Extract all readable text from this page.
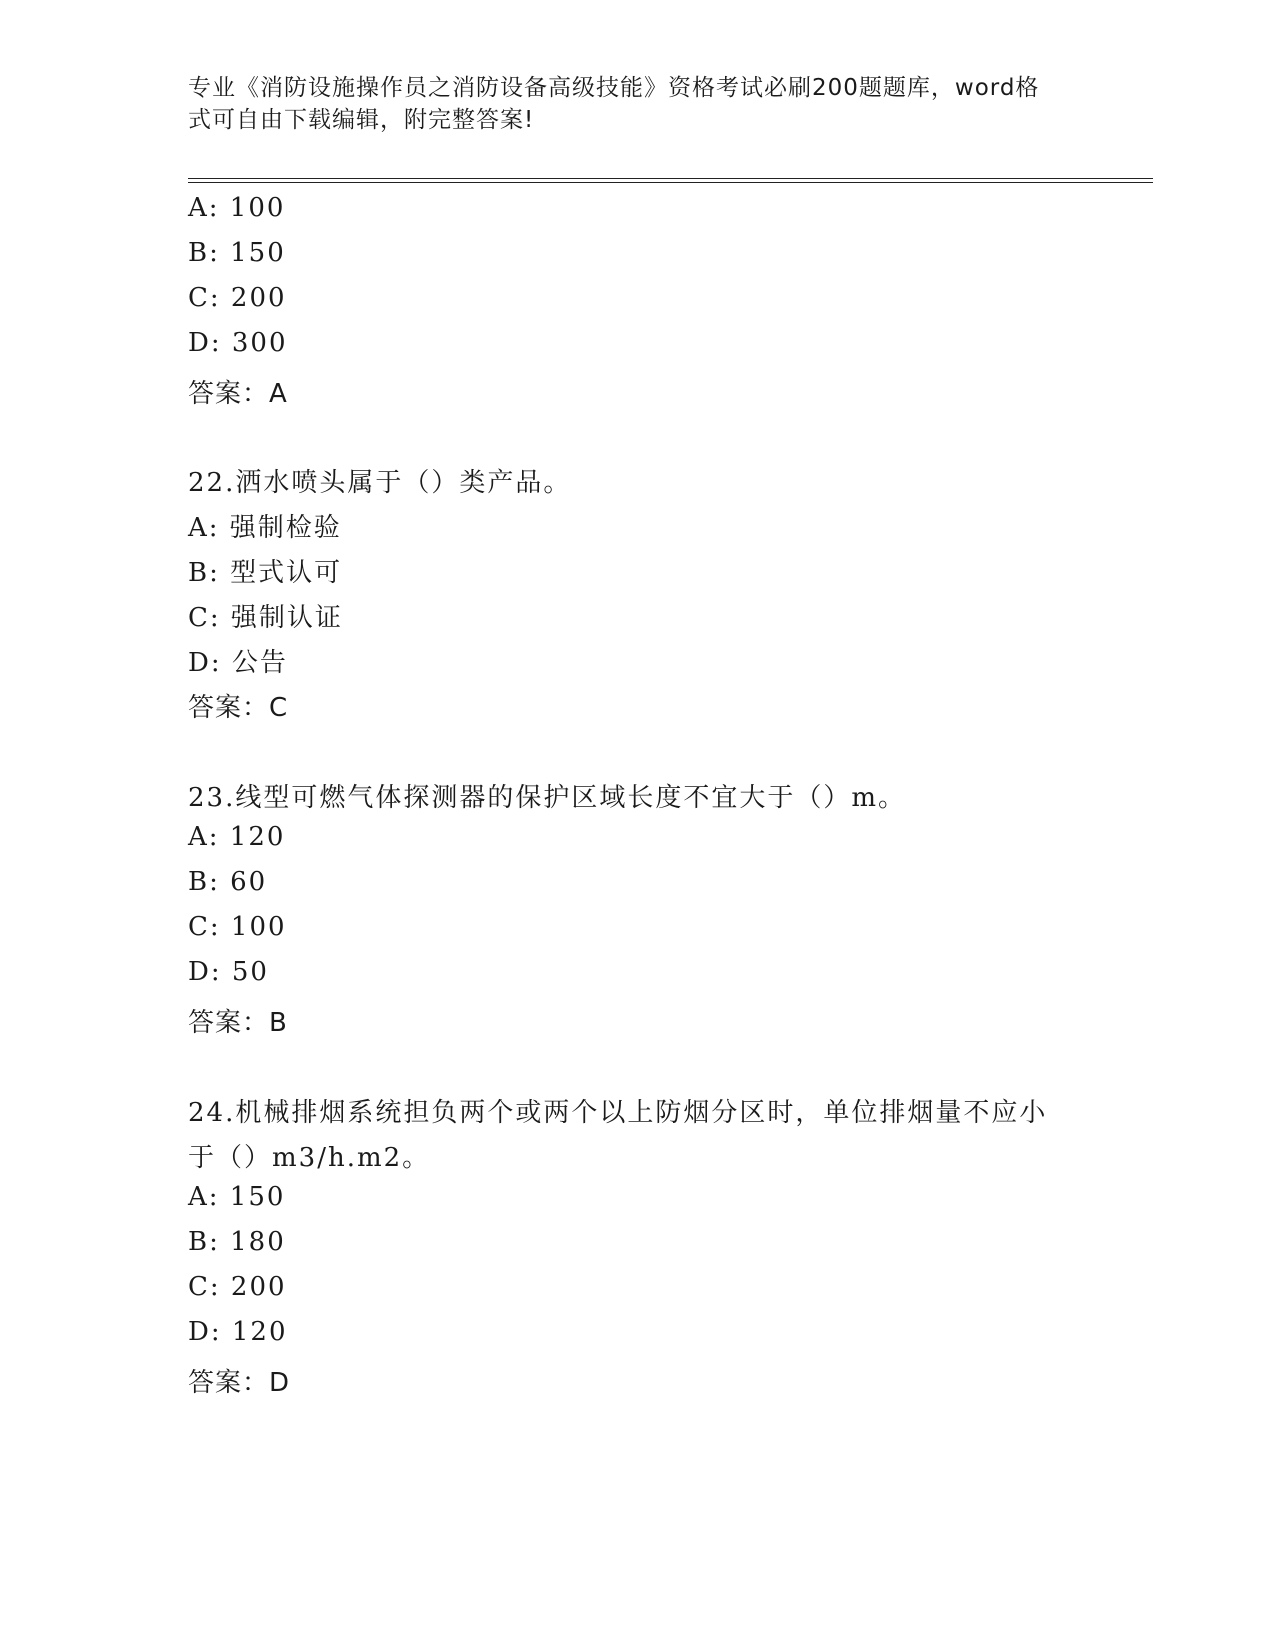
专业《消防设施操作员之消防设备高级技能》资格考试必刷200题题库，word格
式可自由下载编辑，附完整答案!
A: 100
B: 150
C: 200
D: 300
答案：A
22.洒水喷头属于（）类产品。
A: 强制检验
B: 型式认可
C: 强制认证
D: 公告
答案：C
23.线型可燃气体探测器的保护区域长度不宜大于（）m。
A: 120
B: 60
C: 100
D: 50
答案：B
24.机械排烟系统担负两个或两个以上防烟分区时，单位排烟量不应小
于（）m3/h.m2。
A: 150
B: 180
C: 200
D: 120
答案：D
